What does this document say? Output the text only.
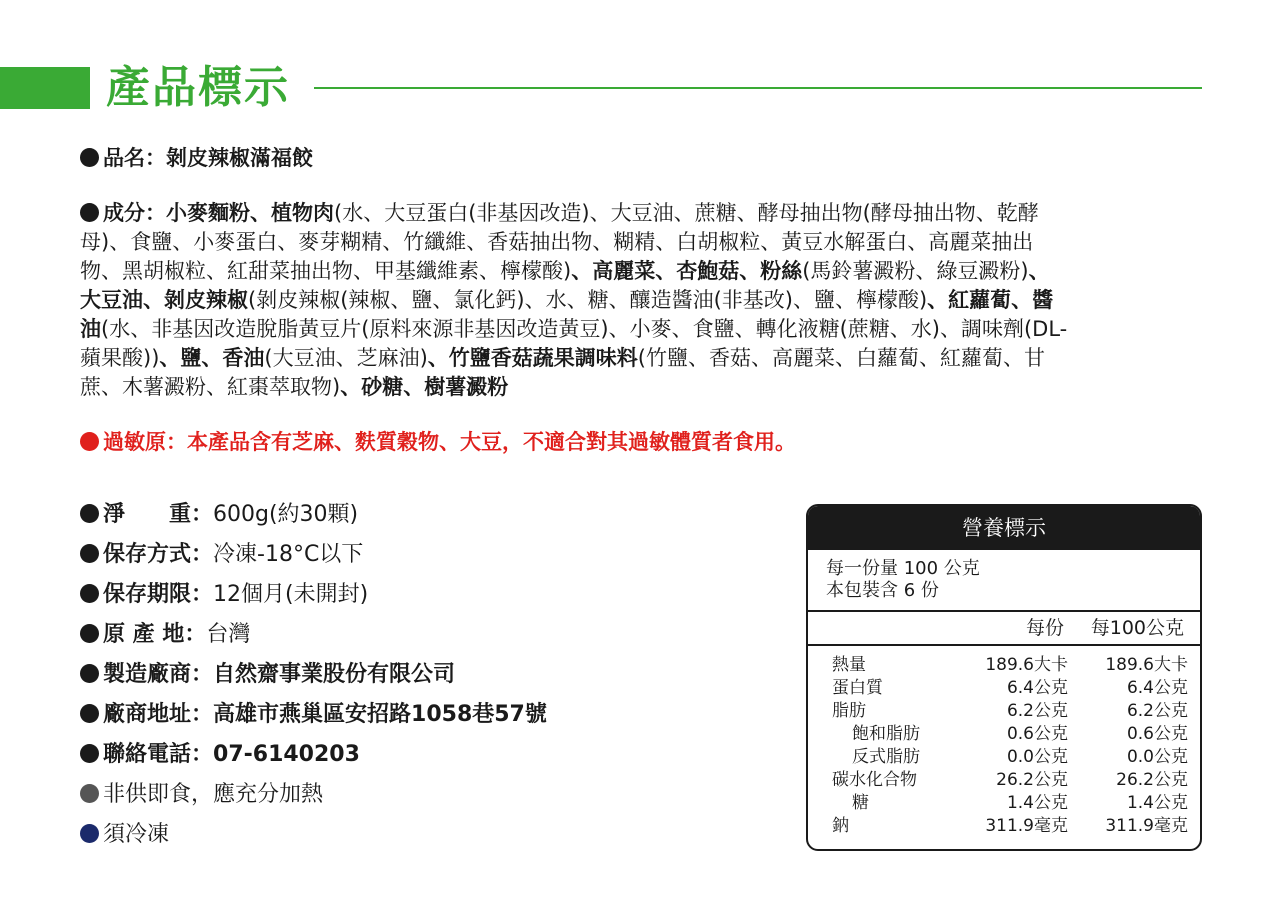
產品標示
品名：剝皮辣椒滿福餃
成分：小麥麵粉、植物肉(水、大豆蛋白(非基因改造)、大豆油、蔗糖、酵母抽出物(酵母抽出物、乾酵
母)、食鹽、小麥蛋白、麥芽糊精、竹纖維、香菇抽出物、糊精、白胡椒粒、黃豆水解蛋白、高麗菜抽出
物、黑胡椒粒、紅甜菜抽出物、甲基纖維素、檸檬酸)、高麗菜、杏鮑菇、粉絲(馬鈴薯澱粉、綠豆澱粉)、
大豆油、剝皮辣椒(剝皮辣椒(辣椒、鹽、氯化鈣)、水、糖、釀造醬油(非基改)、鹽、檸檬酸)、紅蘿蔔、醬
油(水、非基因改造脫脂黃豆片(原料來源非基因改造黃豆)、小麥、食鹽、轉化液糖(蔗糖、水)、調味劑(DL-
蘋果酸))、鹽、香油(大豆油、芝麻油)、竹鹽香菇蔬果調味料(竹鹽、香菇、高麗菜、白蘿蔔、紅蘿蔔、甘
蔗、木薯澱粉、紅棗萃取物)、砂糖、樹薯澱粉
過敏原：本產品含有芝麻、麩質穀物、大豆，不適合對其過敏體質者食用。
淨　　重：600g(約30顆)
保存方式：冷凍-18°C以下
保存期限：12個月(未開封)
原 產 地：台灣
製造廠商：自然齋事業股份有限公司
廠商地址：高雄市燕巢區安招路1058巷57號
聯絡電話：07-6140203
非供即食，應充分加熱
須冷凍
營養標示
每一份量 100 公克
本包裝含 6 份
每份 每100公克
熱量	189.6大卡	189.6大卡
蛋白質	6.4公克	6.4公克
脂肪	6.2公克	6.2公克
飽和脂肪	0.6公克	0.6公克
反式脂肪	0.0公克	0.0公克
碳水化合物	26.2公克	26.2公克
糖	1.4公克	1.4公克
鈉	311.9毫克	311.9毫克
